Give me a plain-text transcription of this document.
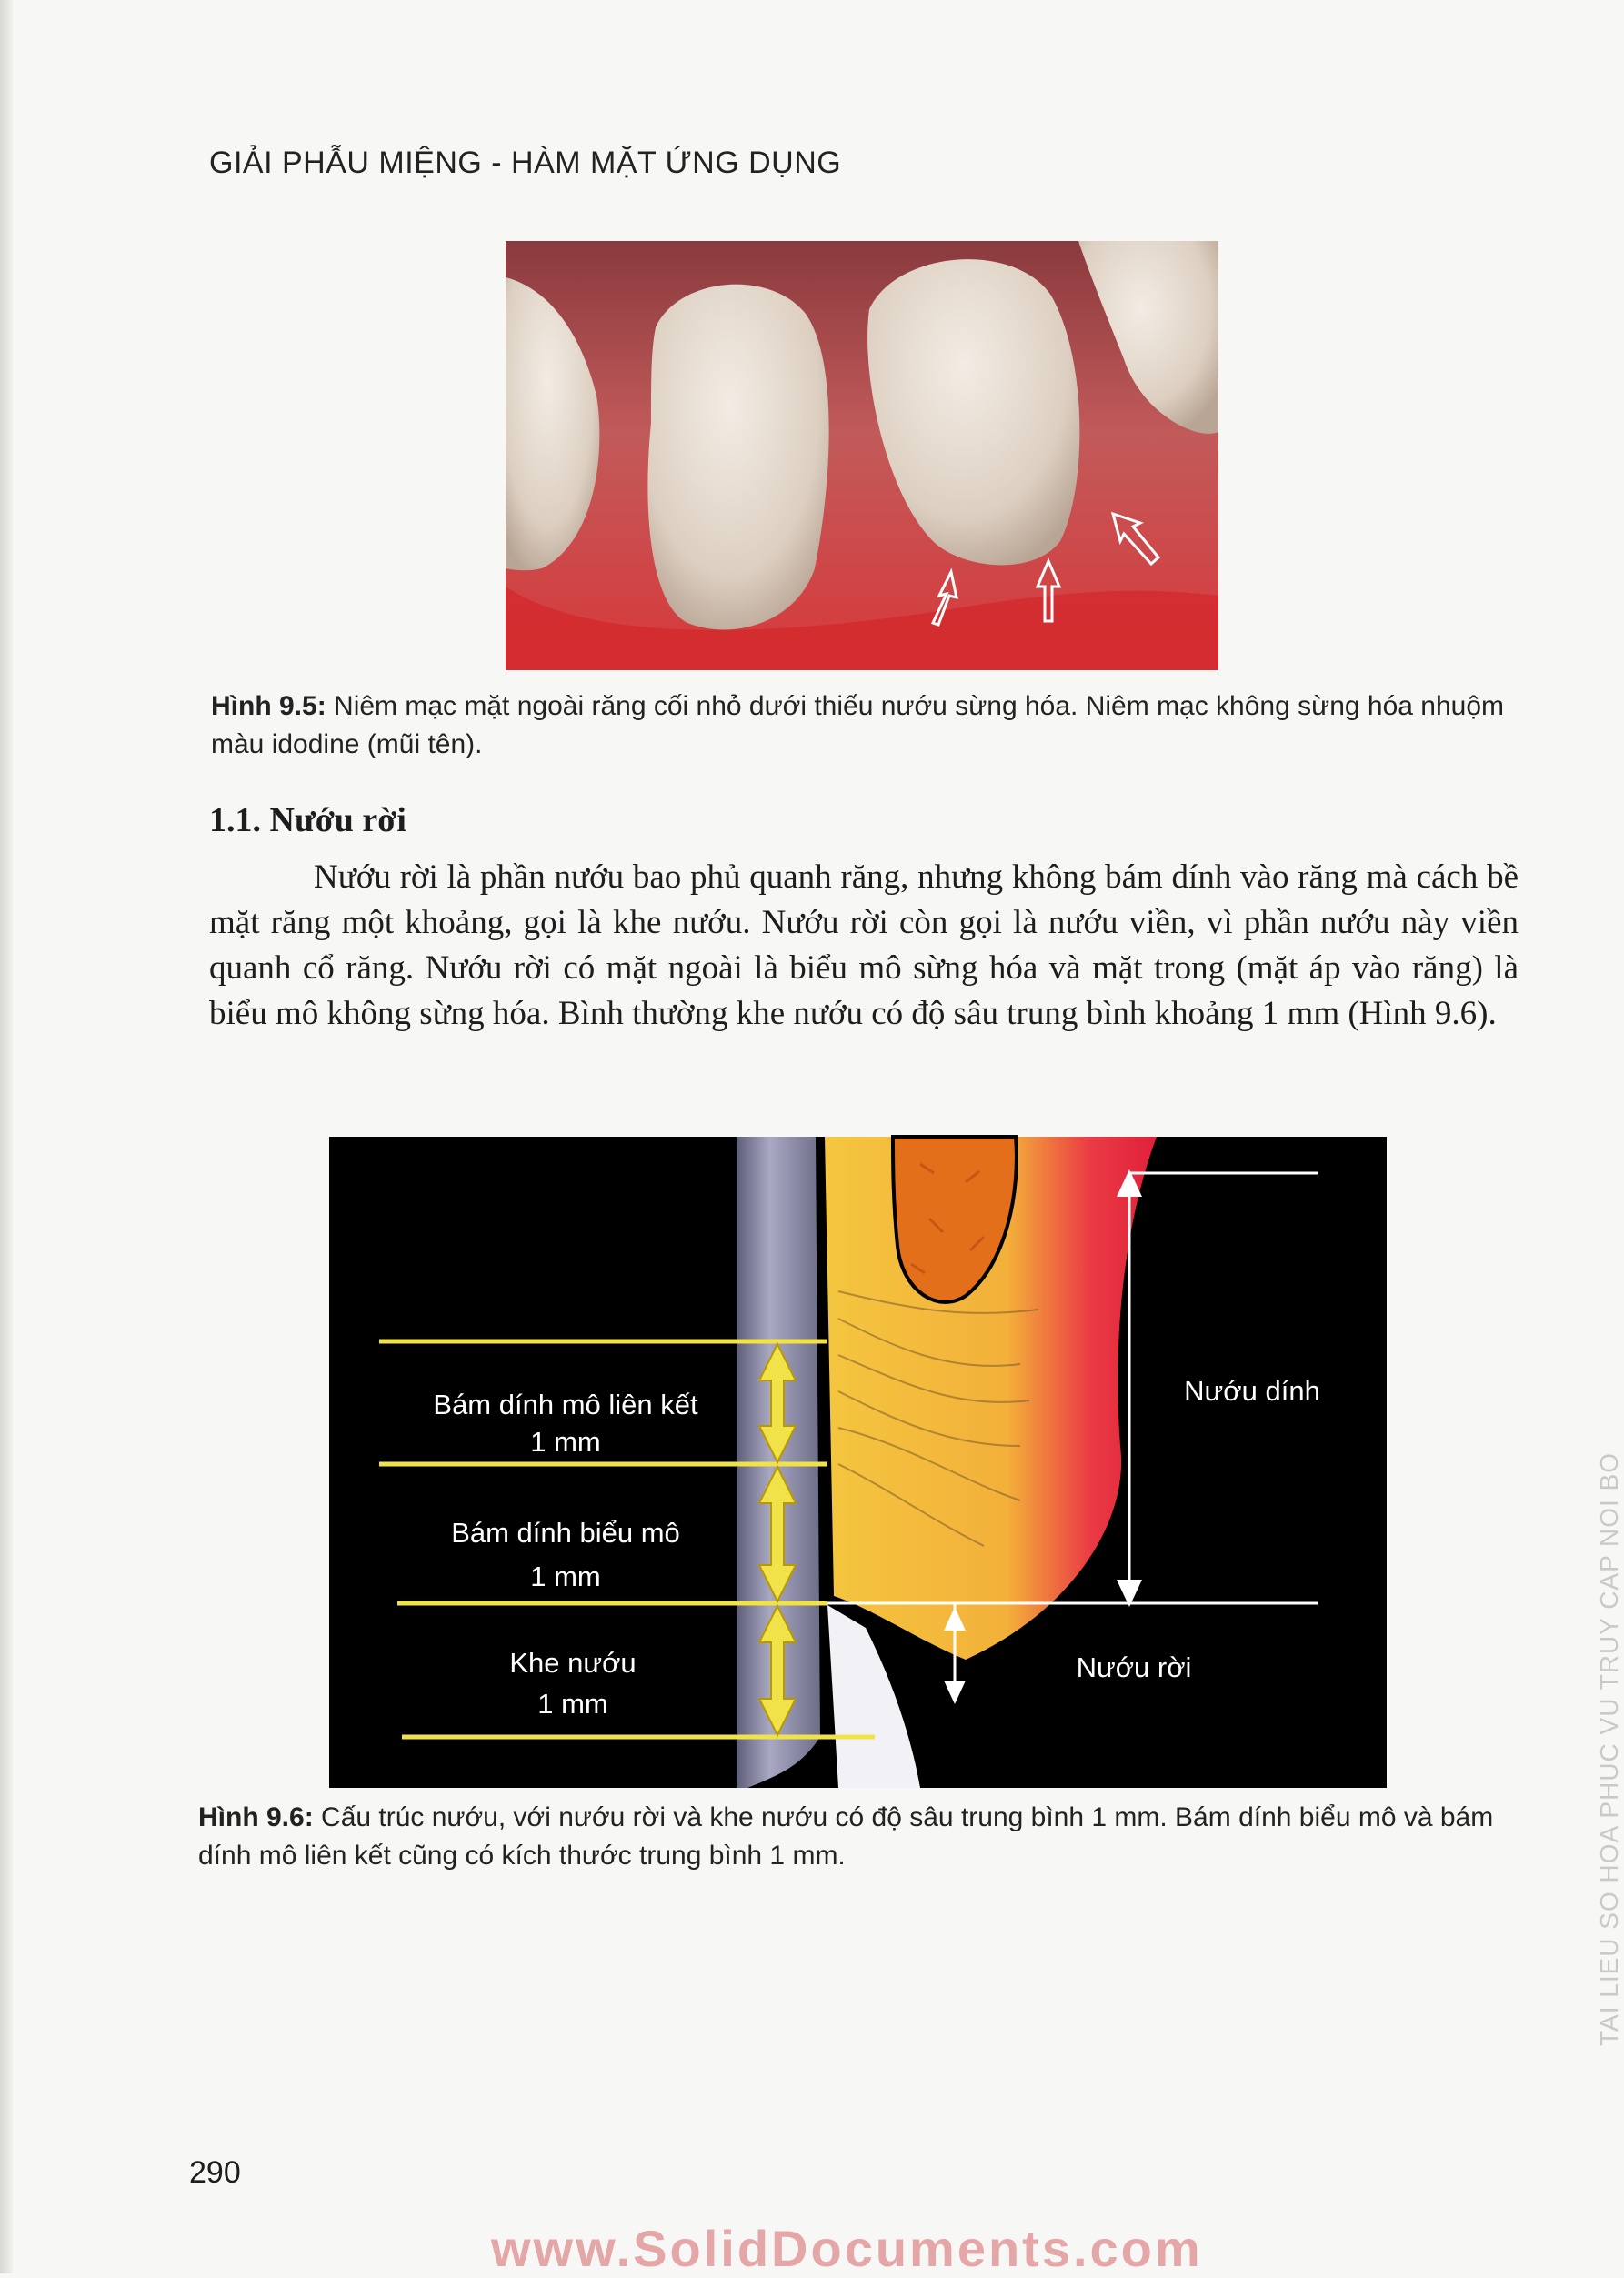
GIẢI PHẪU MIỆNG - HÀM MẶT ỨNG DỤNG
Hình 9.5: Niêm mạc mặt ngoài răng cối nhỏ dưới thiếu nướu sừng hóa. Niêm mạc không sừng hóa nhuộm màu idodine (mũi tên).
1.1. Nướu rời
Nướu rời là phần nướu bao phủ quanh răng, nhưng không bám dính vào răng mà cách bề mặt răng một khoảng, gọi là khe nướu. Nướu rời còn gọi là nướu viền, vì phần nướu này viền quanh cổ răng. Nướu rời có mặt ngoài là biểu mô sừng hóa và mặt trong (mặt áp vào răng) là biểu mô không sừng hóa. Bình thường khe nướu có độ sâu trung bình khoảng 1 mm (Hình 9.6).
Bám dính mô liên kết
1 mm
Bám dính biểu mô
1 mm
Khe nướu
1 mm
Nướu dính
Nướu rời
Hình 9.6: Cấu trúc nướu, với nướu rời và khe nướu có độ sâu trung bình 1 mm. Bám dính biểu mô và bám dính mô liên kết cũng có kích thước trung bình 1 mm.
290
TAI LIEU SO HOA PHUC VU TRUY CAP NOI BO
www.SolidDocuments.com
